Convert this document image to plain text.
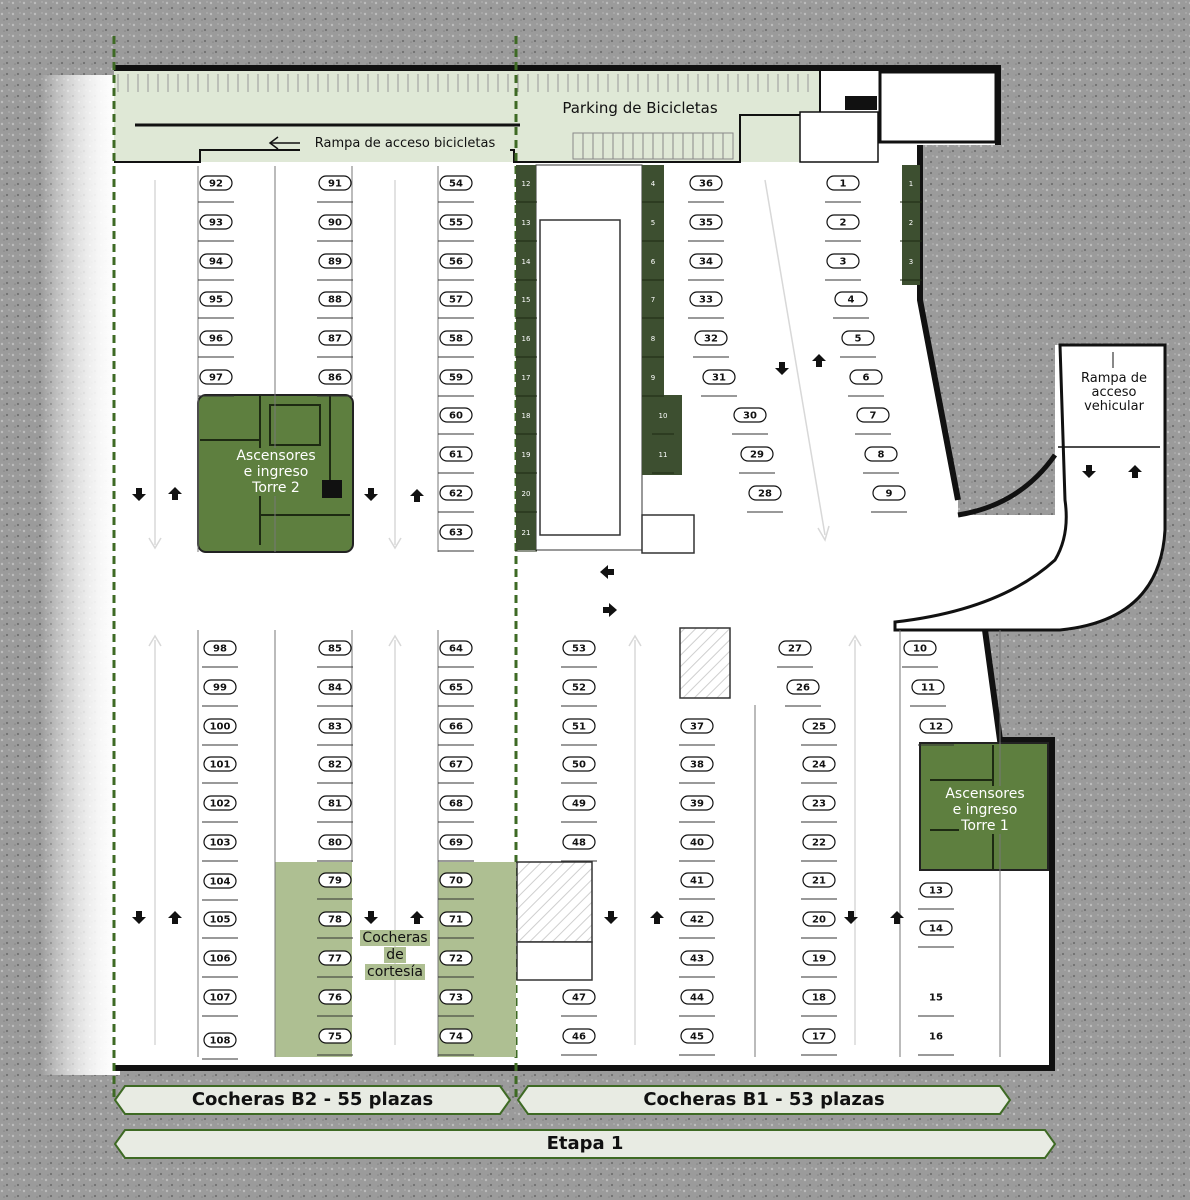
92
93
94
95
96
97
91
90
89
88
87
86
54
55
56
57
58
59
60
61
62
63
98
99
100
101
102
103
104
105
106
107
108
85
84
83
82
81
80
79
78
77
76
75
64
65
66
67
68
69
70
71
72
73
74
53
52
51
50
49
48
47
46
36
35
34
33
32
31
30
29
28
1
2
3
4
5
6
7
8
9
27
26
37
38
39
40
41
42
43
44
45
25
24
23
22
21
20
19
18
17
10
11
12
13
14
15
16
12
13
14
15
16
17
18
19
20
21
4
5
6
7
8
9
10
11
1
2
3
Parking de Bicicletas
Rampa de acceso bicicletas
Rampa de
acceso
vehicular
Ascensores
e ingreso
Torre 2
Ascensores
e ingreso
Torre 1
Cocheras
de
cortesía
Cocheras B2 - 55 plazas	Cocheras B1 - 53 plazas
Etapa 1
